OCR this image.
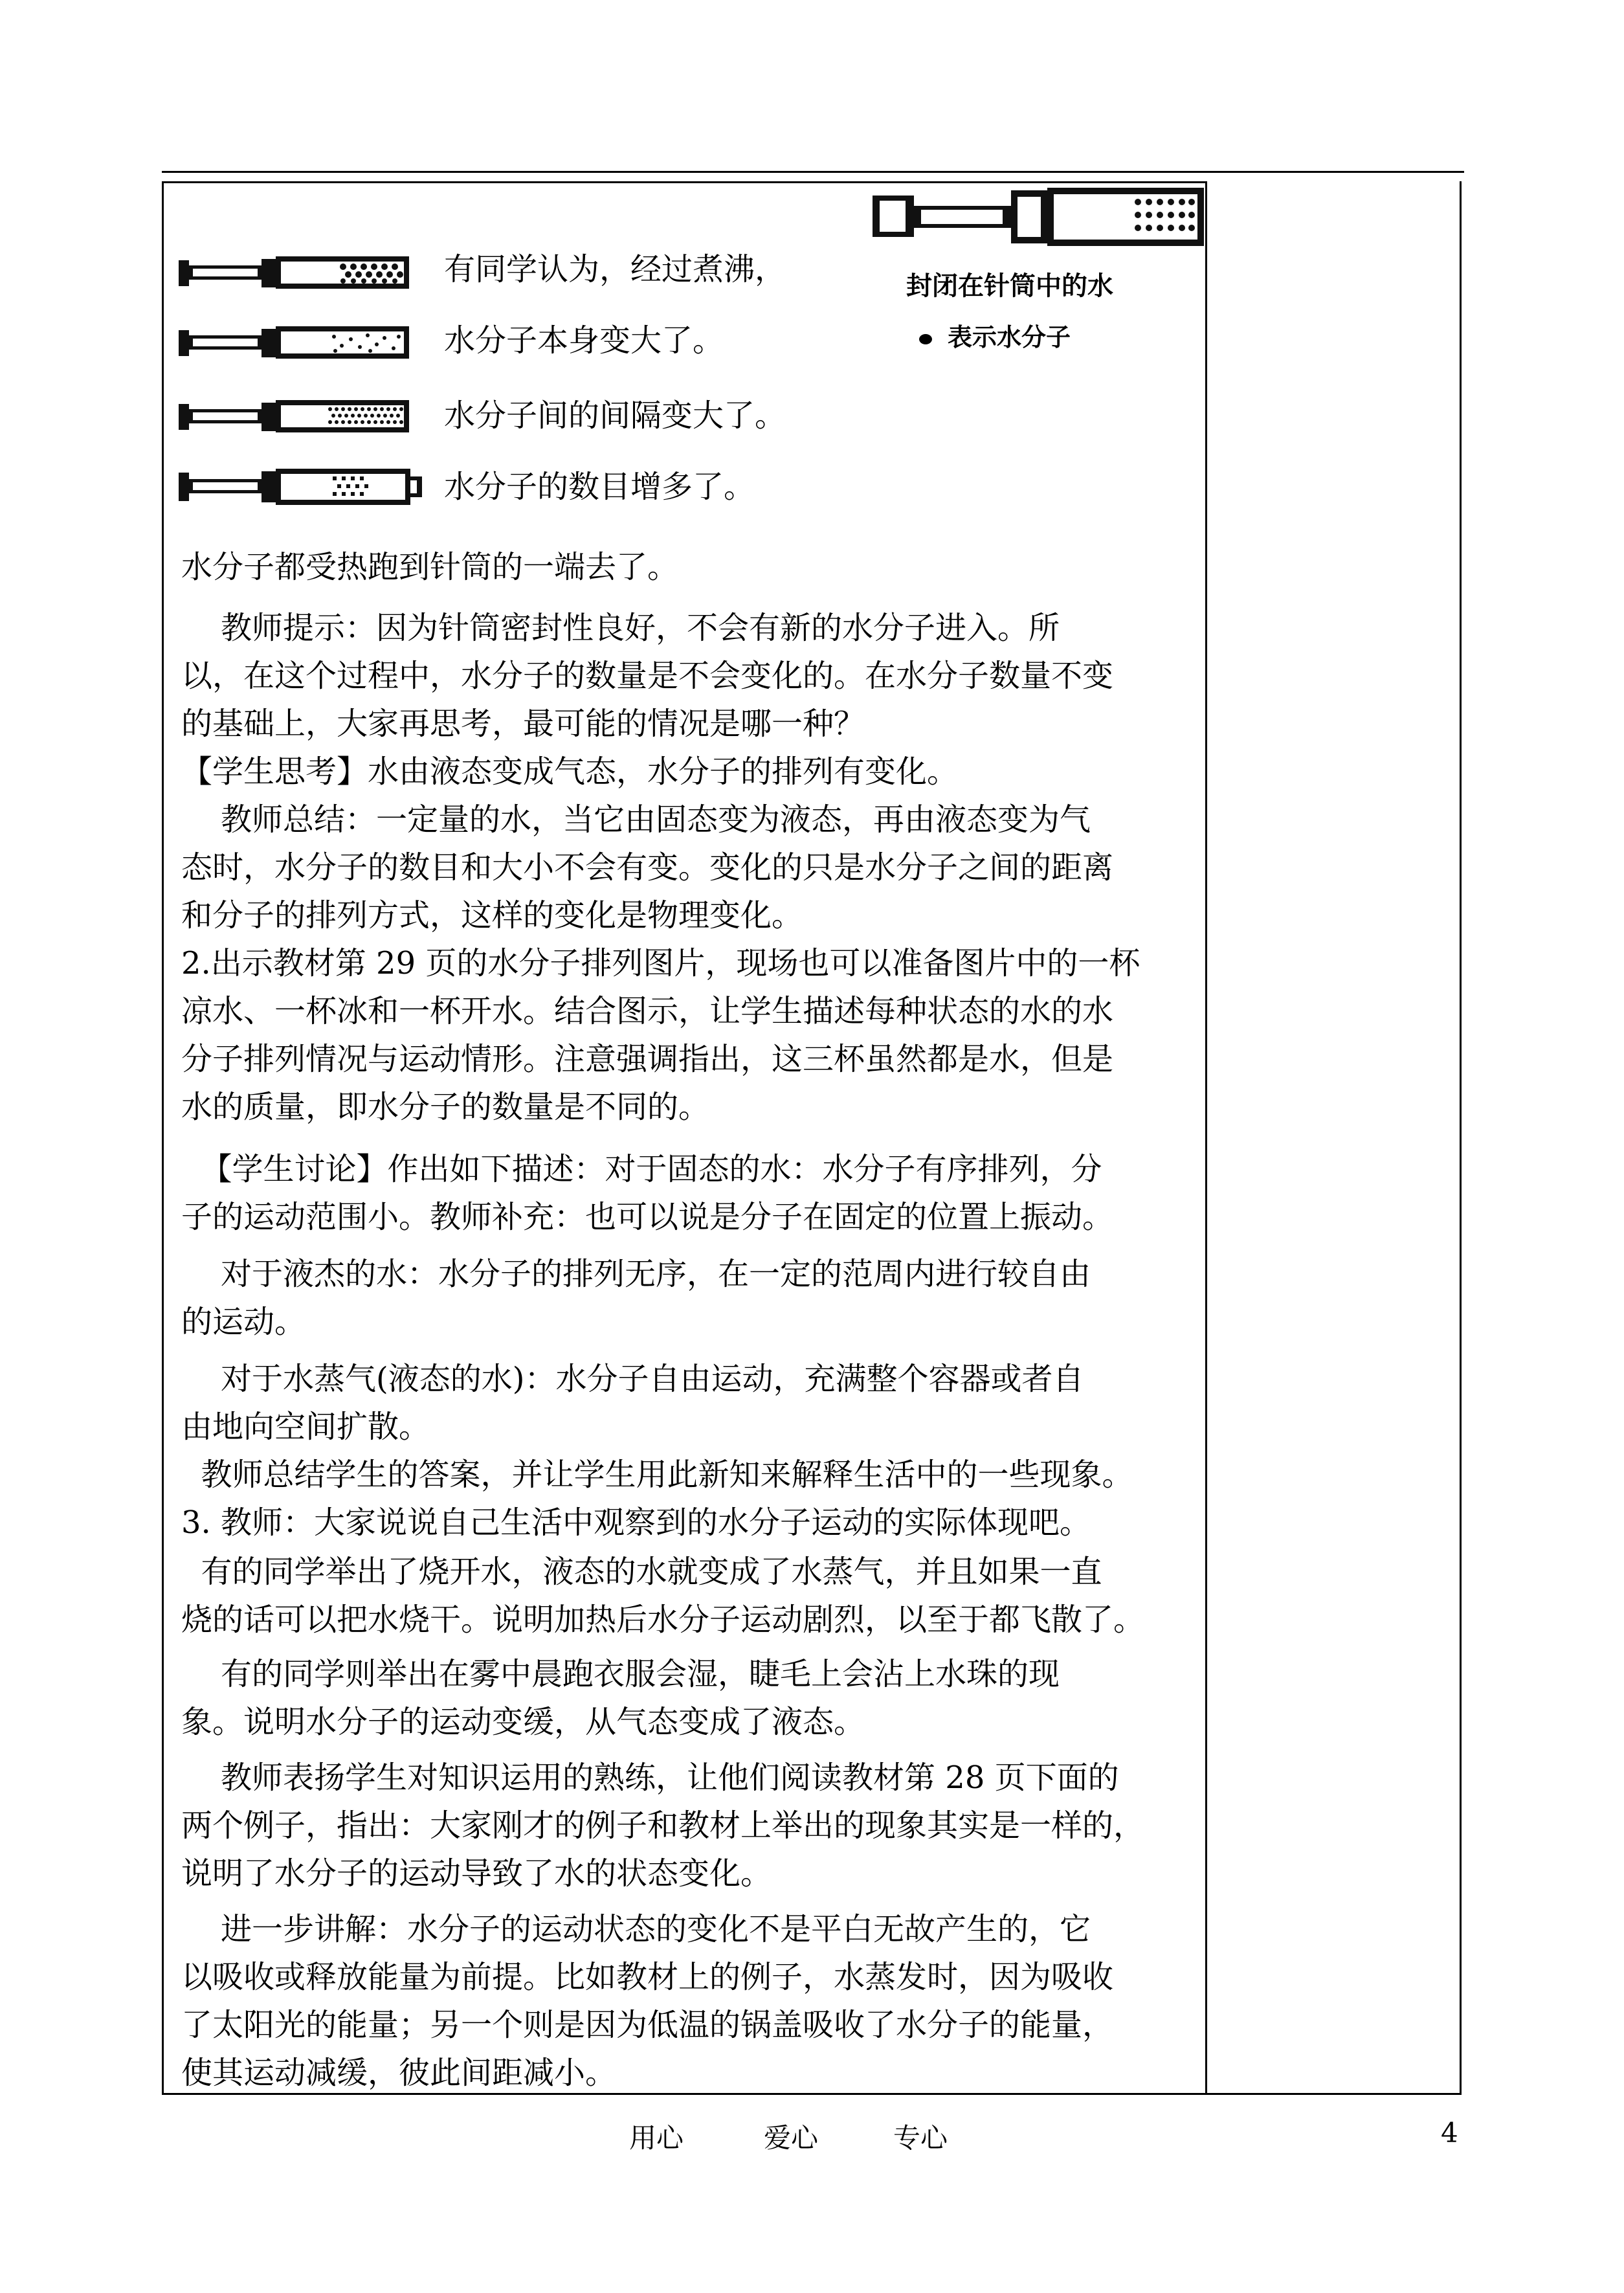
封闭在针筒中的水
表示水分子
有同学认为，经过煮沸，
水分子本身变大了。
水分子间的间隔变大了。
水分子的数目增多了。
水分子都受热跑到针筒的一端去了。
教师提示：因为针筒密封性良好，不会有新的水分子进入。所
以，在这个过程中，水分子的数量是不会变化的。在水分子数量不变
的基础上，大家再思考，最可能的情况是哪一种？
【学生思考】水由液态变成气态，水分子的排列有变化。
教师总结：一定量的水，当它由固态变为液态，再由液态变为气
态时，水分子的数目和大小不会有变。变化的只是水分子之间的距离
和分子的排列方式，这样的变化是物理变化。
2.出示教材第 29 页的水分子排列图片，现场也可以准备图片中的一杯
凉水、一杯冰和一杯开水。结合图示，让学生描述每种状态的水的水
分子排列情况与运动情形。注意强调指出，这三杯虽然都是水，但是
水的质量，即水分子的数量是不同的。
【学生讨论】作出如下描述：对于固态的水：水分子有序排列，分
子的运动范围小。教师补充：也可以说是分子在固定的位置上振动。
对于液杰的水：水分子的排列无序，在一定的范周内进行较自由
的运动。
对于水蒸气(液态的水)：水分子自由运动，充满整个容器或者自
由地向空间扩散。
教师总结学生的答案，并让学生用此新知来解释生活中的一些现象。
3. 教师：大家说说自己生活中观察到的水分子运动的实际体现吧。
有的同学举出了烧开水，液态的水就变成了水蒸气，并且如果一直
烧的话可以把水烧干。说明加热后水分子运动剧烈，以至于都飞散了。
有的同学则举出在雾中晨跑衣服会湿，睫毛上会沾上水珠的现
象。说明水分子的运动变缓，从气态变成了液态。
教师表扬学生对知识运用的熟练，让他们阅读教材第 28 页下面的
两个例子，指出：大家刚才的例子和教材上举出的现象其实是一样的，
说明了水分子的运动导致了水的状态变化。
进一步讲解：水分子的运动状态的变化不是平白无故产生的，它
以吸收或释放能量为前提。比如教材上的例子，水蒸发时，因为吸收
了太阳光的能量；另一个则是因为低温的锅盖吸收了水分子的能量，
使其运动减缓，彼此间距减小。
用心	爱心	专心	4
